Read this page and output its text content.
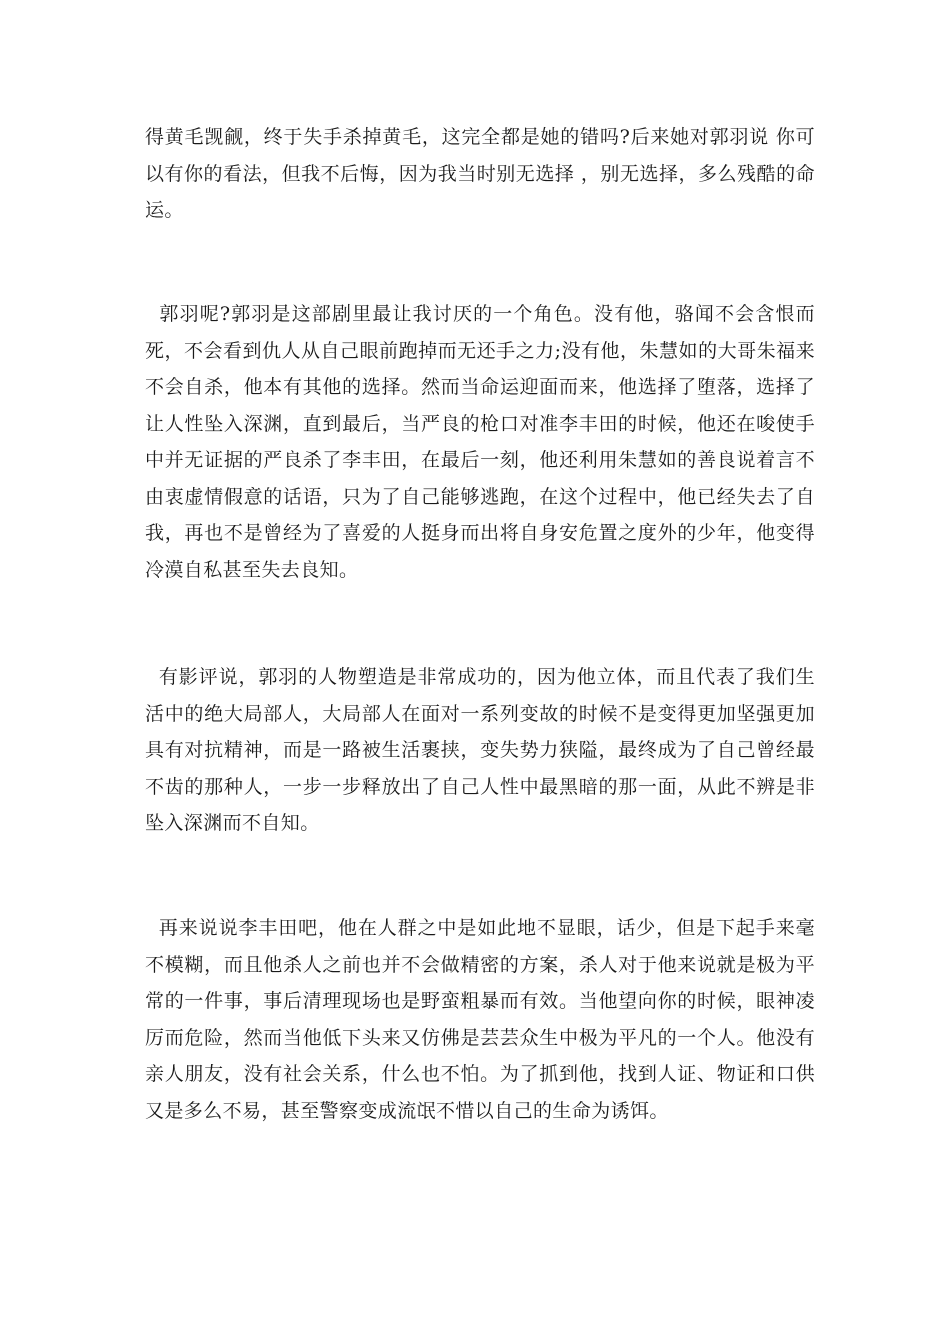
得黄毛觊觎，终于失手杀掉黄毛，这完全都是她的错吗?后来她对郭羽说 你可以有你的看法，但我不后悔，因为我当时别无选择 ，别无选择，多么残酷的命运。

郭羽呢?郭羽是这部剧里最让我讨厌的一个角色。没有他，骆闻不会含恨而死，不会看到仇人从自己眼前跑掉而无还手之力;没有他，朱慧如的大哥朱福来不会自杀，他本有其他的选择。然而当命运迎面而来，他选择了堕落，选择了让人性坠入深渊，直到最后，当严良的枪口对准李丰田的时候，他还在唆使手中并无证据的严良杀了李丰田，在最后一刻，他还利用朱慧如的善良说着言不由衷虚情假意的话语，只为了自己能够逃跑，在这个过程中，他已经失去了自我，再也不是曾经为了喜爱的人挺身而出将自身安危置之度外的少年，他变得冷漠自私甚至失去良知。

有影评说，郭羽的人物塑造是非常成功的，因为他立体，而且代表了我们生活中的绝大局部人，大局部人在面对一系列变故的时候不是变得更加坚强更加具有对抗精神，而是一路被生活裹挟，变失势力狭隘，最终成为了自己曾经最不齿的那种人，一步一步释放出了自己人性中最黑暗的那一面，从此不辨是非坠入深渊而不自知。

再来说说李丰田吧，他在人群之中是如此地不显眼，话少，但是下起手来毫不模糊，而且他杀人之前也并不会做精密的方案，杀人对于他来说就是极为平常的一件事，事后清理现场也是野蛮粗暴而有效。当他望向你的时候，眼神凌厉而危险，然而当他低下头来又仿佛是芸芸众生中极为平凡的一个人。他没有亲人朋友，没有社会关系，什么也不怕。为了抓到他，找到人证、物证和口供又是多么不易，甚至警察变成流氓不惜以自己的生命为诱饵。
